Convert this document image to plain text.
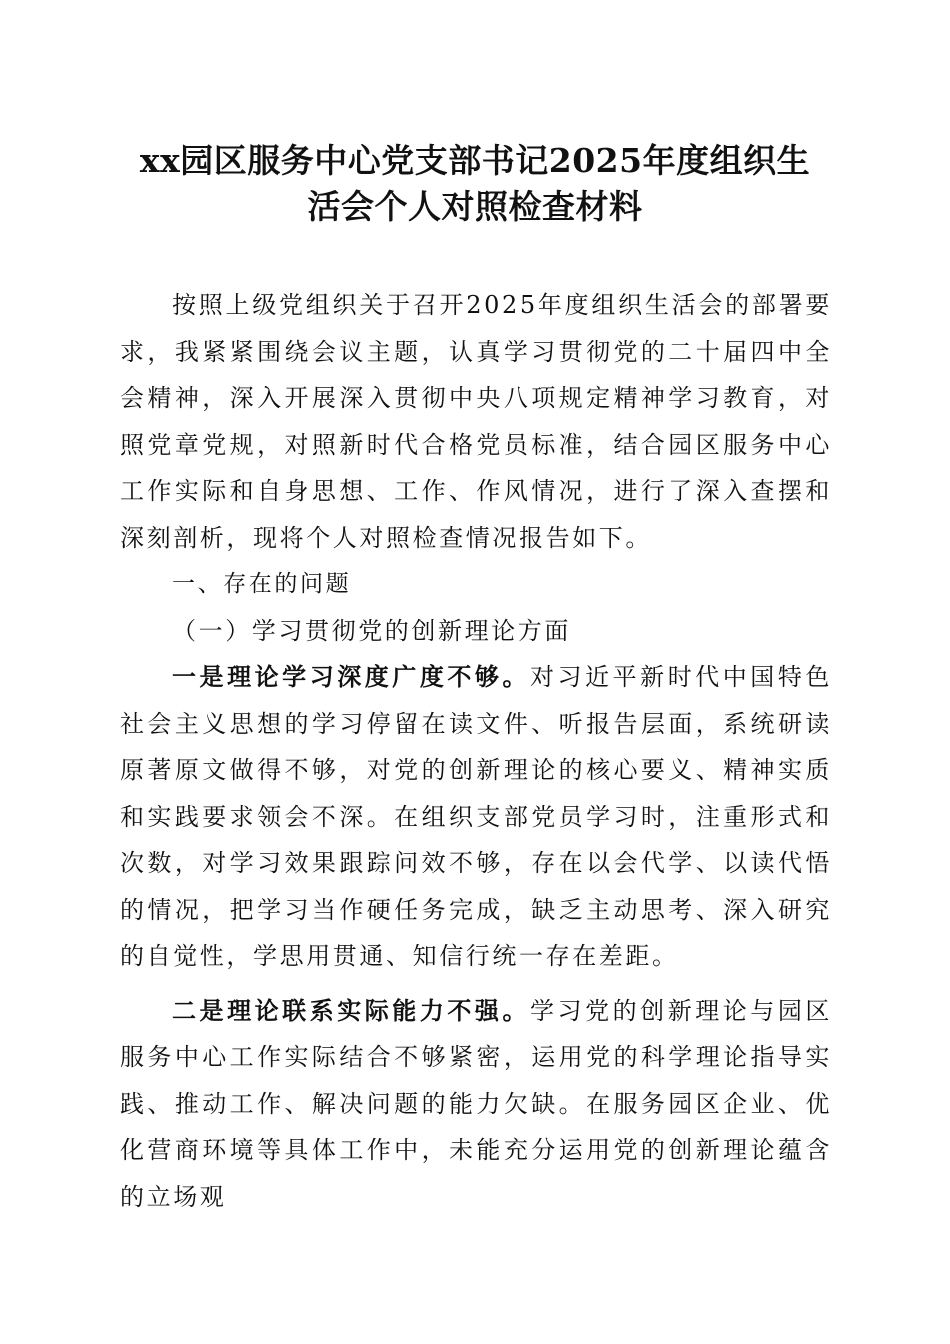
xx园区服务中心党支部书记2025年度组织生
活会个人对照检查材料

按照上级党组织关于召开2025年度组织生活会的部署要求，我紧紧围绕会议主题，认真学习贯彻党的二十届四中全会精神，深入开展深入贯彻中央八项规定精神学习教育，对照党章党规，对照新时代合格党员标准，结合园区服务中心工作实际和自身思想、工作、作风情况，进行了深入查摆和深刻剖析，现将个人对照检查情况报告如下。

一、存在的问题

（一）学习贯彻党的创新理论方面

一是理论学习深度广度不够。对习近平新时代中国特色社会主义思想的学习停留在读文件、听报告层面，系统研读原著原文做得不够，对党的创新理论的核心要义、精神实质和实践要求领会不深。在组织支部党员学习时，注重形式和次数，对学习效果跟踪问效不够，存在以会代学、以读代悟的情况，把学习当作硬任务完成，缺乏主动思考、深入研究的自觉性，学思用贯通、知信行统一存在差距。

二是理论联系实际能力不强。学习党的创新理论与园区服务中心工作实际结合不够紧密，运用党的科学理论指导实践、推动工作、解决问题的能力欠缺。在服务园区企业、优化营商环境等具体工作中，未能充分运用党的创新理论蕴含的立场观
